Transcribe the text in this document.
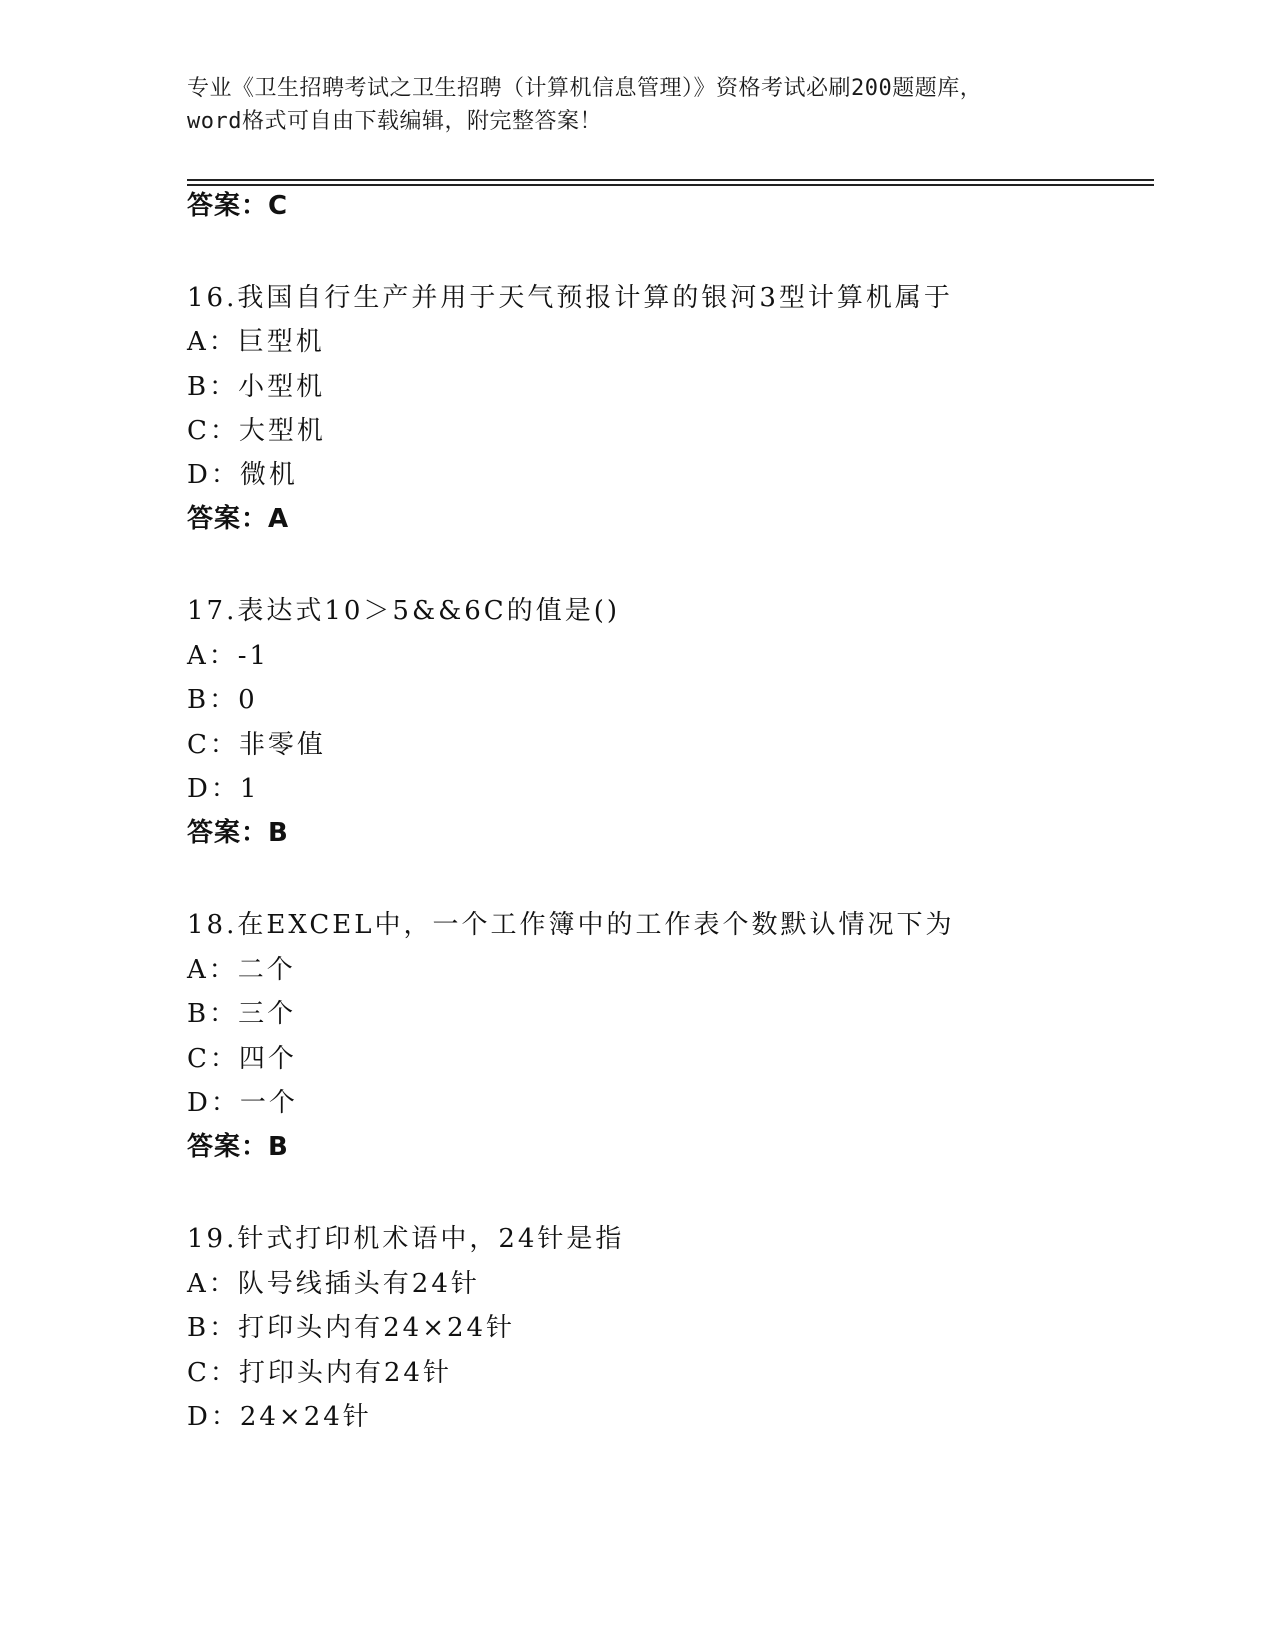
专业《卫生招聘考试之卫生招聘（计算机信息管理）》资格考试必刷200题题库，
word格式可自由下载编辑，附完整答案！
答案：C
16.我国自行生产并用于天气预报计算的银河3型计算机属于
A：巨型机
B：小型机
C：大型机
D：微机
答案：A
17.表达式10＞5&&6C的值是()
A：-1
B：0
C：非零值
D：1
答案：B
18.在EXCEL中，一个工作簿中的工作表个数默认情况下为
A：二个
B：三个
C：四个
D：一个
答案：B
19.针式打印机术语中，24针是指
A：队号线插头有24针
B：打印头内有24×24针
C：打印头内有24针
D：24×24针
